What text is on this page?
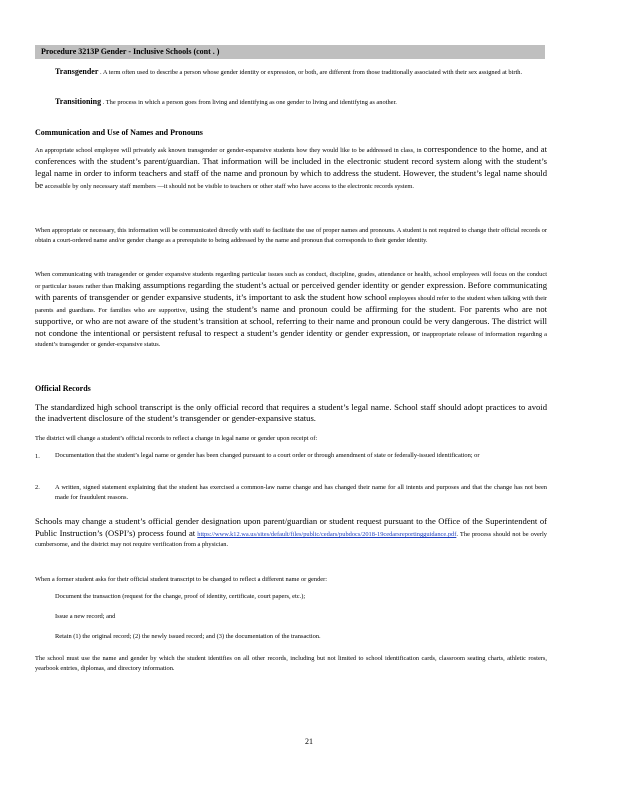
Procedure 3213P Gender - Inclusive Schools (cont . )
Transgender . A term often used to describe a person whose gender identity or expression, or both, are different from those traditionally associated with their sex assigned at birth.
Transitioning . The process in which a person goes from living and identifying as one gender to living and identifying as another.
Communication and Use of Names and Pronouns
An appropriate school employee will privately ask known transgender or gender-expansive students how they would like to be addressed in class, in correspondence to the home, and at conferences with the student’s parent/guardian. That information will be included in the electronic student record system along with the student’s legal name in order to inform teachers and staff of the name and pronoun by which to address the student. However, the student’s legal name should be accessible by only necessary staff members —it should not be visible to teachers or other staff who have access to the electronic records system.
When appropriate or necessary, this information will be communicated directly with staff to facilitate the use of proper names and pronouns. A student is not required to change their official records or obtain a court-ordered name and/or gender change as a prerequisite to being addressed by the name and pronoun that corresponds to their gender identity.
When communicating with transgender or gender expansive students regarding particular issues such as conduct, discipline, grades, attendance or health, school employees will focus on the conduct or particular issues rather than making assumptions regarding the student’s actual or perceived gender identity or gender expression. Before communicating with parents of transgender or gender expansive students, it’s important to ask the student how school employees should refer to the student when talking with their parents and guardians. For families who are supportive, using the student’s name and pronoun could be affirming for the student. For parents who are not supportive, or who are not aware of the student’s transition at school, referring to their name and pronoun could be very dangerous. The district will not condone the intentional or persistent refusal to respect a student’s gender identity or gender expression, or inappropriate release of information regarding a student’s transgender or gender-expansive status.
Official Records
The standardized high school transcript is the only official record that requires a student’s legal name. School staff should adopt practices to avoid the inadvertent disclosure of the student’s transgender or gender-expansive status.
The district will change a student’s official records to reflect a change in legal name or gender upon receipt of:
1.	Documentation that the student’s legal name or gender has been changed pursuant to a court order or through amendment of state or federally-issued identification; or
2.	A written, signed statement explaining that the student has exercised a common-law name change and has changed their name for all intents and purposes and that the change has not been made for fraudulent reasons.
Schools may change a student’s official gender designation upon parent/guardian or student request pursuant to the Office of the Superintendent of Public Instruction’s (OSPI’s) process found at https://www.k12.wa.us/sites/default/files/public/cedars/pubdocs/2018-19cedarsreportingguidance.pdf. The process should not be overly cumbersome, and the district may not require verification from a physician.
When a former student asks for their official student transcript to be changed to reflect a different name or gender:
Document the transaction (request for the change, proof of identity, certificate, court papers, etc.);
Issue a new record; and
Retain (1) the original record; (2) the newly issued record; and (3) the documentation of the transaction.
The school must use the name and gender by which the student identifies on all other records, including but not limited to school identification cards, classroom seating charts, athletic rosters, yearbook entries, diplomas, and directory information.
21
